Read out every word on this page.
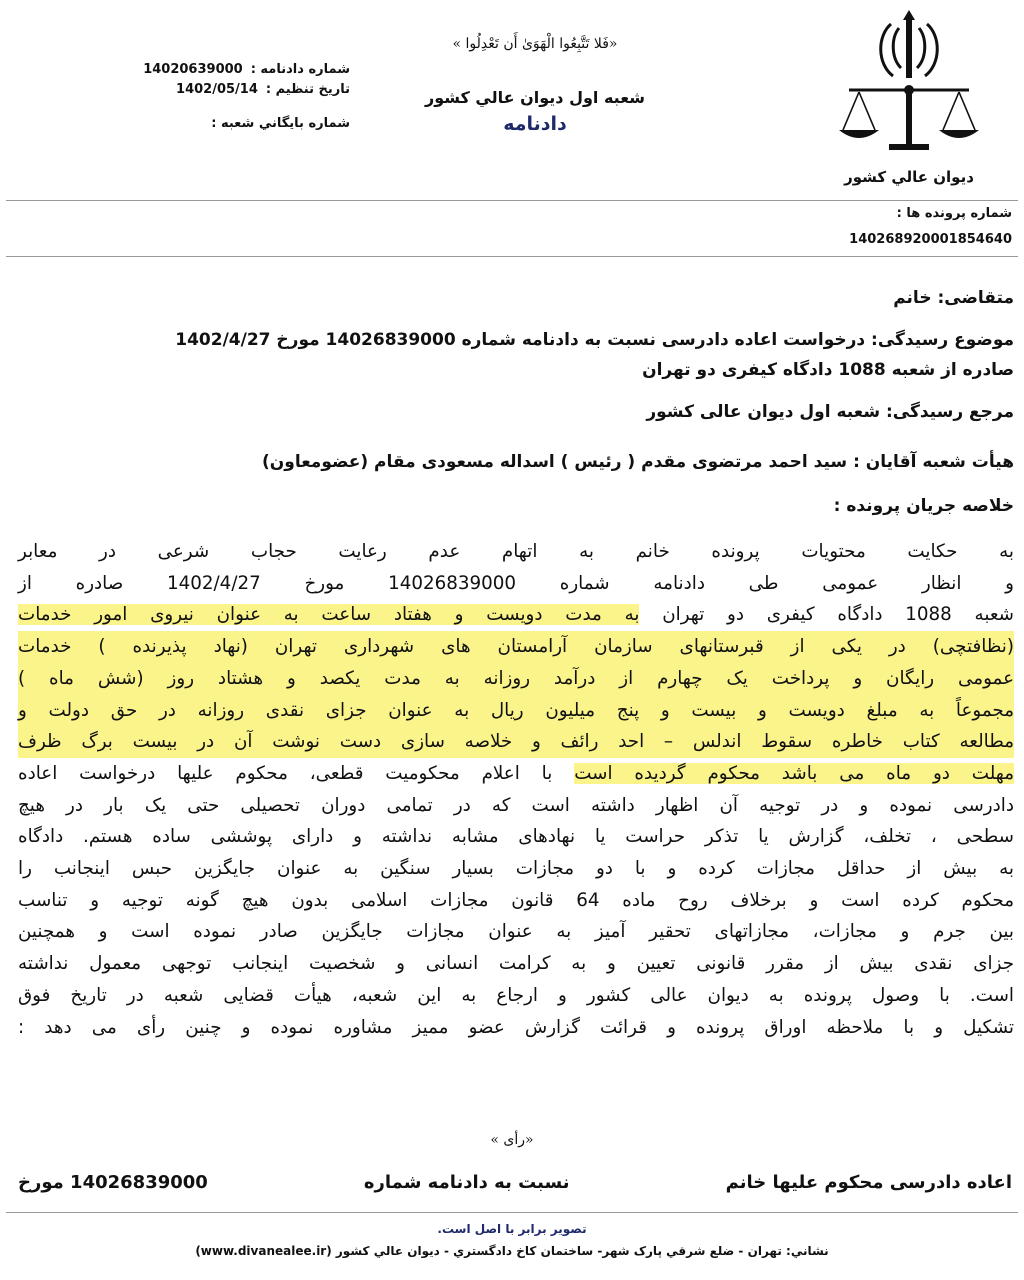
ديوان عالي كشور
«فَلا تَتَّبِعُوا الْهَوَىٰ أَن تَعْدِلُوا »
شعبه اول ديوان عالي كشور
دادنامه
شماره دادنامه :
14020639000
تاريخ تنظيم :
1402/05/14
شماره بايگاني شعبه :
شماره پرونده ها :
140268920001854640
متقاضی: خانم
موضوع رسیدگی: درخواست اعاده دادرسی نسبت به دادنامه شماره 14026839000 مورخ 1402/4/27
صادره از شعبه 1088 دادگاه کیفری دو تهران
مرجع رسیدگی: شعبه اول دیوان عالی کشور
هیأت شعبه آقایان : سید احمد مرتضوی مقدم ( رئیس ) اسداله مسعودی مقام (عضومعاون)
خلاصه جریان پرونده :
به حکایت محتویات پرونده خانم به اتهام عدم رعایت حجاب شرعی در معابر
و انظار عمومی طی دادنامه شماره 14026839000 مورخ 1402/4/27 صادره از
شعبه 1088 دادگاه کیفری دو تهران به مدت دویست و هفتاد ساعت به عنوان نیروی امور خدمات
(نظافتچی) در یکی از قبرستانهای سازمان آرامستان های شهرداری تهران (نهاد پذیرنده ) خدمات
عمومی رایگان و پرداخت یک چهارم از درآمد روزانه به مدت یکصد و هشتاد روز (شش ماه )
مجموعاً به مبلغ دویست و بیست و پنج میلیون ریال به عنوان جزای نقدی روزانه در حق دولت و
مطالعه کتاب خاطره سقوط اندلس – احد رائف و خلاصه سازی دست نوشت آن در بیست برگ ظرف
مهلت دو ماه می باشد محکوم گردیده است با اعلام محکومیت قطعی، محکوم علیها درخواست اعاده
دادرسی نموده و در توجیه آن اظهار داشته است که در تمامی دوران تحصیلی حتی یک بار در هیچ
سطحی ، تخلف، گزارش یا تذکر حراست یا نهادهای مشابه نداشته و دارای پوششی ساده هستم. دادگاه
به بیش از حداقل مجازات کرده و با دو مجازات بسیار سنگین به عنوان جایگزین حبس اینجانب را
محکوم کرده است و برخلاف روح ماده 64 قانون مجازات اسلامی بدون هیچ گونه توجیه و تناسب
بین جرم و مجازات، مجازاتهای تحقیر آمیز به عنوان مجازات جایگزین صادر نموده است و همچنین
جزای نقدی بیش از مقرر قانونی تعیین و به کرامت انسانی و شخصیت اینجانب توجهی معمول نداشته
است. با وصول پرونده به دیوان عالی کشور و ارجاع به این شعبه، هیأت قضایی شعبه در تاریخ فوق
تشکیل و با ملاحظه اوراق پرونده و قرائت گزارش عضو ممیز مشاوره نموده و چنین رأی می دهد :
«رأی »
اعاده دادرسی محکوم علیها خانم
نسبت به دادنامه شماره
14026839000 مورخ
تصوير برابر با اصل است.
نشاني: تهران - ضلع شرقي پارک شهر- ساختمان کاخ دادگستري - ديوان عالي کشور (www.divanealee.ir)
